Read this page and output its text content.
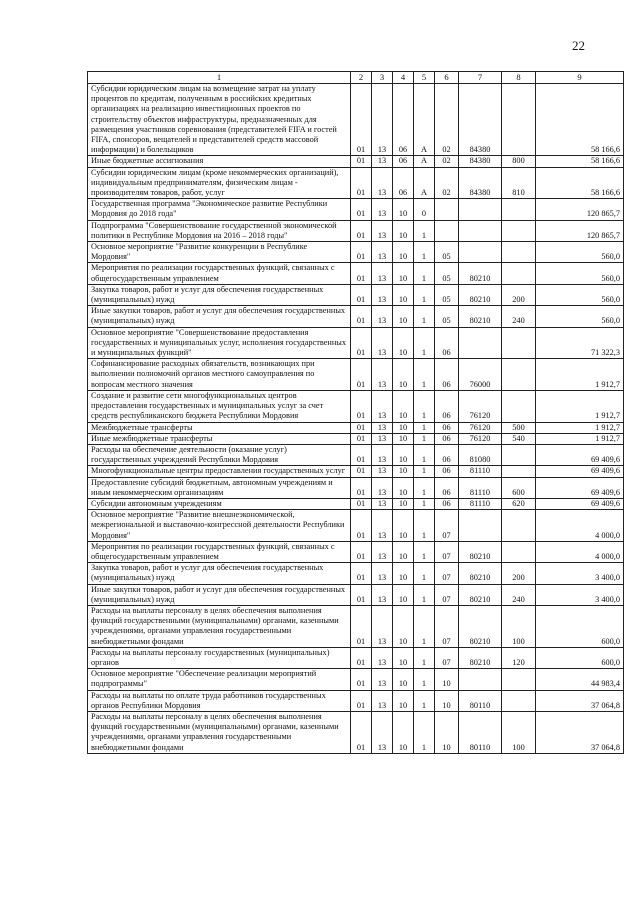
22
1	2	3	4	5	6	7	8	9
Субсидии юридическим лицам на возмещение затрат на уплату процентов по кредитам, полученным в российских кредитных организациях на реализацию инвестиционных проектов по строительству объектов инфраструктуры, предназначенных для размещения участников соревнования (представителей FIFA и гостей FIFA, спонсоров, вещателей и представителей средств массовой информации) и болельщиков	01	13	06	А	02	84380		58 166,6
Иные бюджетные ассигнования	01	13	06	А	02	84380	800	58 166,6
Субсидии юридическим лицам (кроме некоммерческих организаций), индивидуальным предпринимателям, физическим лицам - производителям товаров, работ, услуг	01	13	06	А	02	84380	810	58 166,6
Государственная программа "Экономическое развитие Республики Мордовия до 2018 года"	01	13	10	0				120 865,7
Подпрограмма "Совершенствование государственной экономической политики в Республике Мордовия на 2016 – 2018 годы"	01	13	10	1				120 865,7
Основное мероприятие "Развитие конкуренции в Республике Мордовия"	01	13	10	1	05			560,0
Мероприятия по реализации государственных функций, связанных с общегосударственным управлением	01	13	10	1	05	80210		560,0
Закупка товаров, работ и услуг для обеспечения государственных (муниципальных) нужд	01	13	10	1	05	80210	200	560,0
Иные закупки товаров, работ и услуг для обеспечения государственных (муниципальных) нужд	01	13	10	1	05	80210	240	560,0
Основное мероприятие "Совершенствование предоставления государственных и муниципальных услуг, исполнения государственных и муниципальных функций"	01	13	10	1	06			71 322,3
Софинансирование расходных обязательств, возникающих при выполнении полномочий органов местного самоуправления по вопросам местного значения	01	13	10	1	06	76000		1 912,7
Создание и развитие сети многофункциональных центров предоставления государственных и муниципальных услуг за счет средств республиканского бюджета Республики Мордовия	01	13	10	1	06	76120		1 912,7
Межбюджетные трансферты	01	13	10	1	06	76120	500	1 912,7
Иные межбюджетные трансферты	01	13	10	1	06	76120	540	1 912,7
Расходы на обеспечение деятельности (оказание услуг) государственных учреждений Республики Мордовия	01	13	10	1	06	81080		69 409,6
Многофункциональные центры предоставления государственных услуг	01	13	10	1	06	81110		69 409,6
Предоставление субсидий бюджетным, автономным учреждениям и иным некоммерческим организациям	01	13	10	1	06	81110	600	69 409,6
Субсидии автономным учреждениям	01	13	10	1	06	81110	620	69 409,6
Основное мероприятие "Развитие внешнеэкономической, межрегиональной и выставочно-конгрессной деятельности Республики Мордовия"	01	13	10	1	07			4 000,0
Мероприятия по реализации государственных функций, связанных с общегосударственным управлением	01	13	10	1	07	80210		4 000,0
Закупка товаров, работ и услуг для обеспечения государственных (муниципальных) нужд	01	13	10	1	07	80210	200	3 400,0
Иные закупки товаров, работ и услуг для обеспечения государственных (муниципальных) нужд	01	13	10	1	07	80210	240	3 400,0
Расходы на выплаты персоналу в целях обеспечения выполнения функций государственными (муниципальными) органами, казенными учреждениями, органами управления государственными внебюджетными фондами	01	13	10	1	07	80210	100	600,0
Расходы на выплаты персоналу государственных (муниципальных) органов	01	13	10	1	07	80210	120	600,0
Основное мероприятие "Обеспечение реализации мероприятий подпрограммы"	01	13	10	1	10			44 983,4
Расходы на выплаты по оплате труда работников государственных органов Республики Мордовия	01	13	10	1	10	80110		37 064,8
Расходы на выплаты персоналу в целях обеспечения выполнения функций государственными (муниципальными) органами, казенными учреждениями, органами управления государственными внебюджетными фондами	01	13	10	1	10	80110	100	37 064,8
